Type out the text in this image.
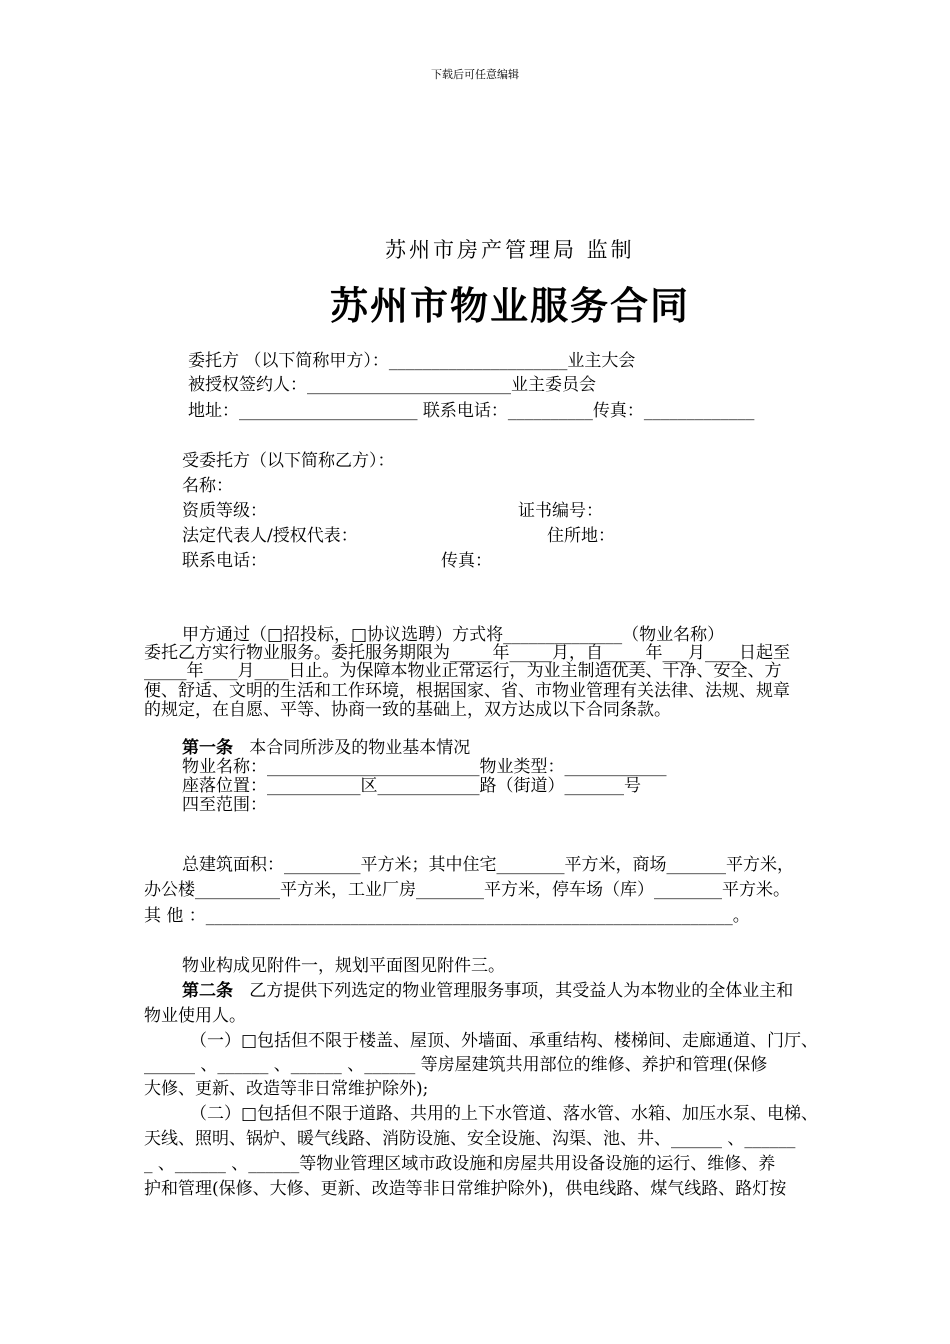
下载后可任意编辑
苏州市房产管理局 监制
苏州市物业服务合同
委托方 （以下简称甲方）：_____________________业主大会
被授权签约人：________________________业主委员会
地址：_____________________ 联系电话：__________传真：_____________
受委托方（以下简称乙方）：
名称：
资质等级：	证书编号：
法定代表人/授权代表：	住所地：
联系电话：	传真：
甲方通过（□招投标，□协议选聘）方式将______________（物业名称）
委托乙方实行物业服务。委托服务期限为_____年_____月，自_____年___月____日起至
_____年____月____日止。为保障本物业正常运行，为业主制造优美、干净、安全、方
便、舒适、文明的生活和工作环境，根据国家、省、市物业管理有关法律、法规、规章
的规定，在自愿、平等、协商一致的基础上，双方达成以下合同条款。
第一条 本合同所涉及的物业基本情况
物业名称：_________________________物业类型：____________
座落位置：___________区____________路（街道）_______号
四至范围：
总建筑面积：_________平方米；其中住宅________平方米，商场_______平方米，
办公楼__________平方米，工业厂房________平方米，停车场（库）________平方米。
其 他 ：______________________________________________________________。
物业构成见附件一，规划平面图见附件三。
第二条 乙方提供下列选定的物业管理服务事项，其受益人为本物业的全体业主和
物业使用人。
（一）□包括但不限于楼盖、屋顶、外墙面、承重结构、楼梯间、走廊通道、门厅、
______ 、______ 、______ 、______ 等房屋建筑共用部位的维修、养护和管理(保修
大修、更新、改造等非日常维护除外);
（二）□包括但不限于道路、共用的上下水管道、落水管、水箱、加压水泵、电梯、
天线、照明、锅炉、暖气线路、消防设施、安全设施、沟渠、池、井、______ 、______
_ 、______ 、______等物业管理区域市政设施和房屋共用设备设施的运行、维修、养
护和管理(保修、大修、更新、改造等非日常维护除外)，供电线路、煤气线路、路灯按
